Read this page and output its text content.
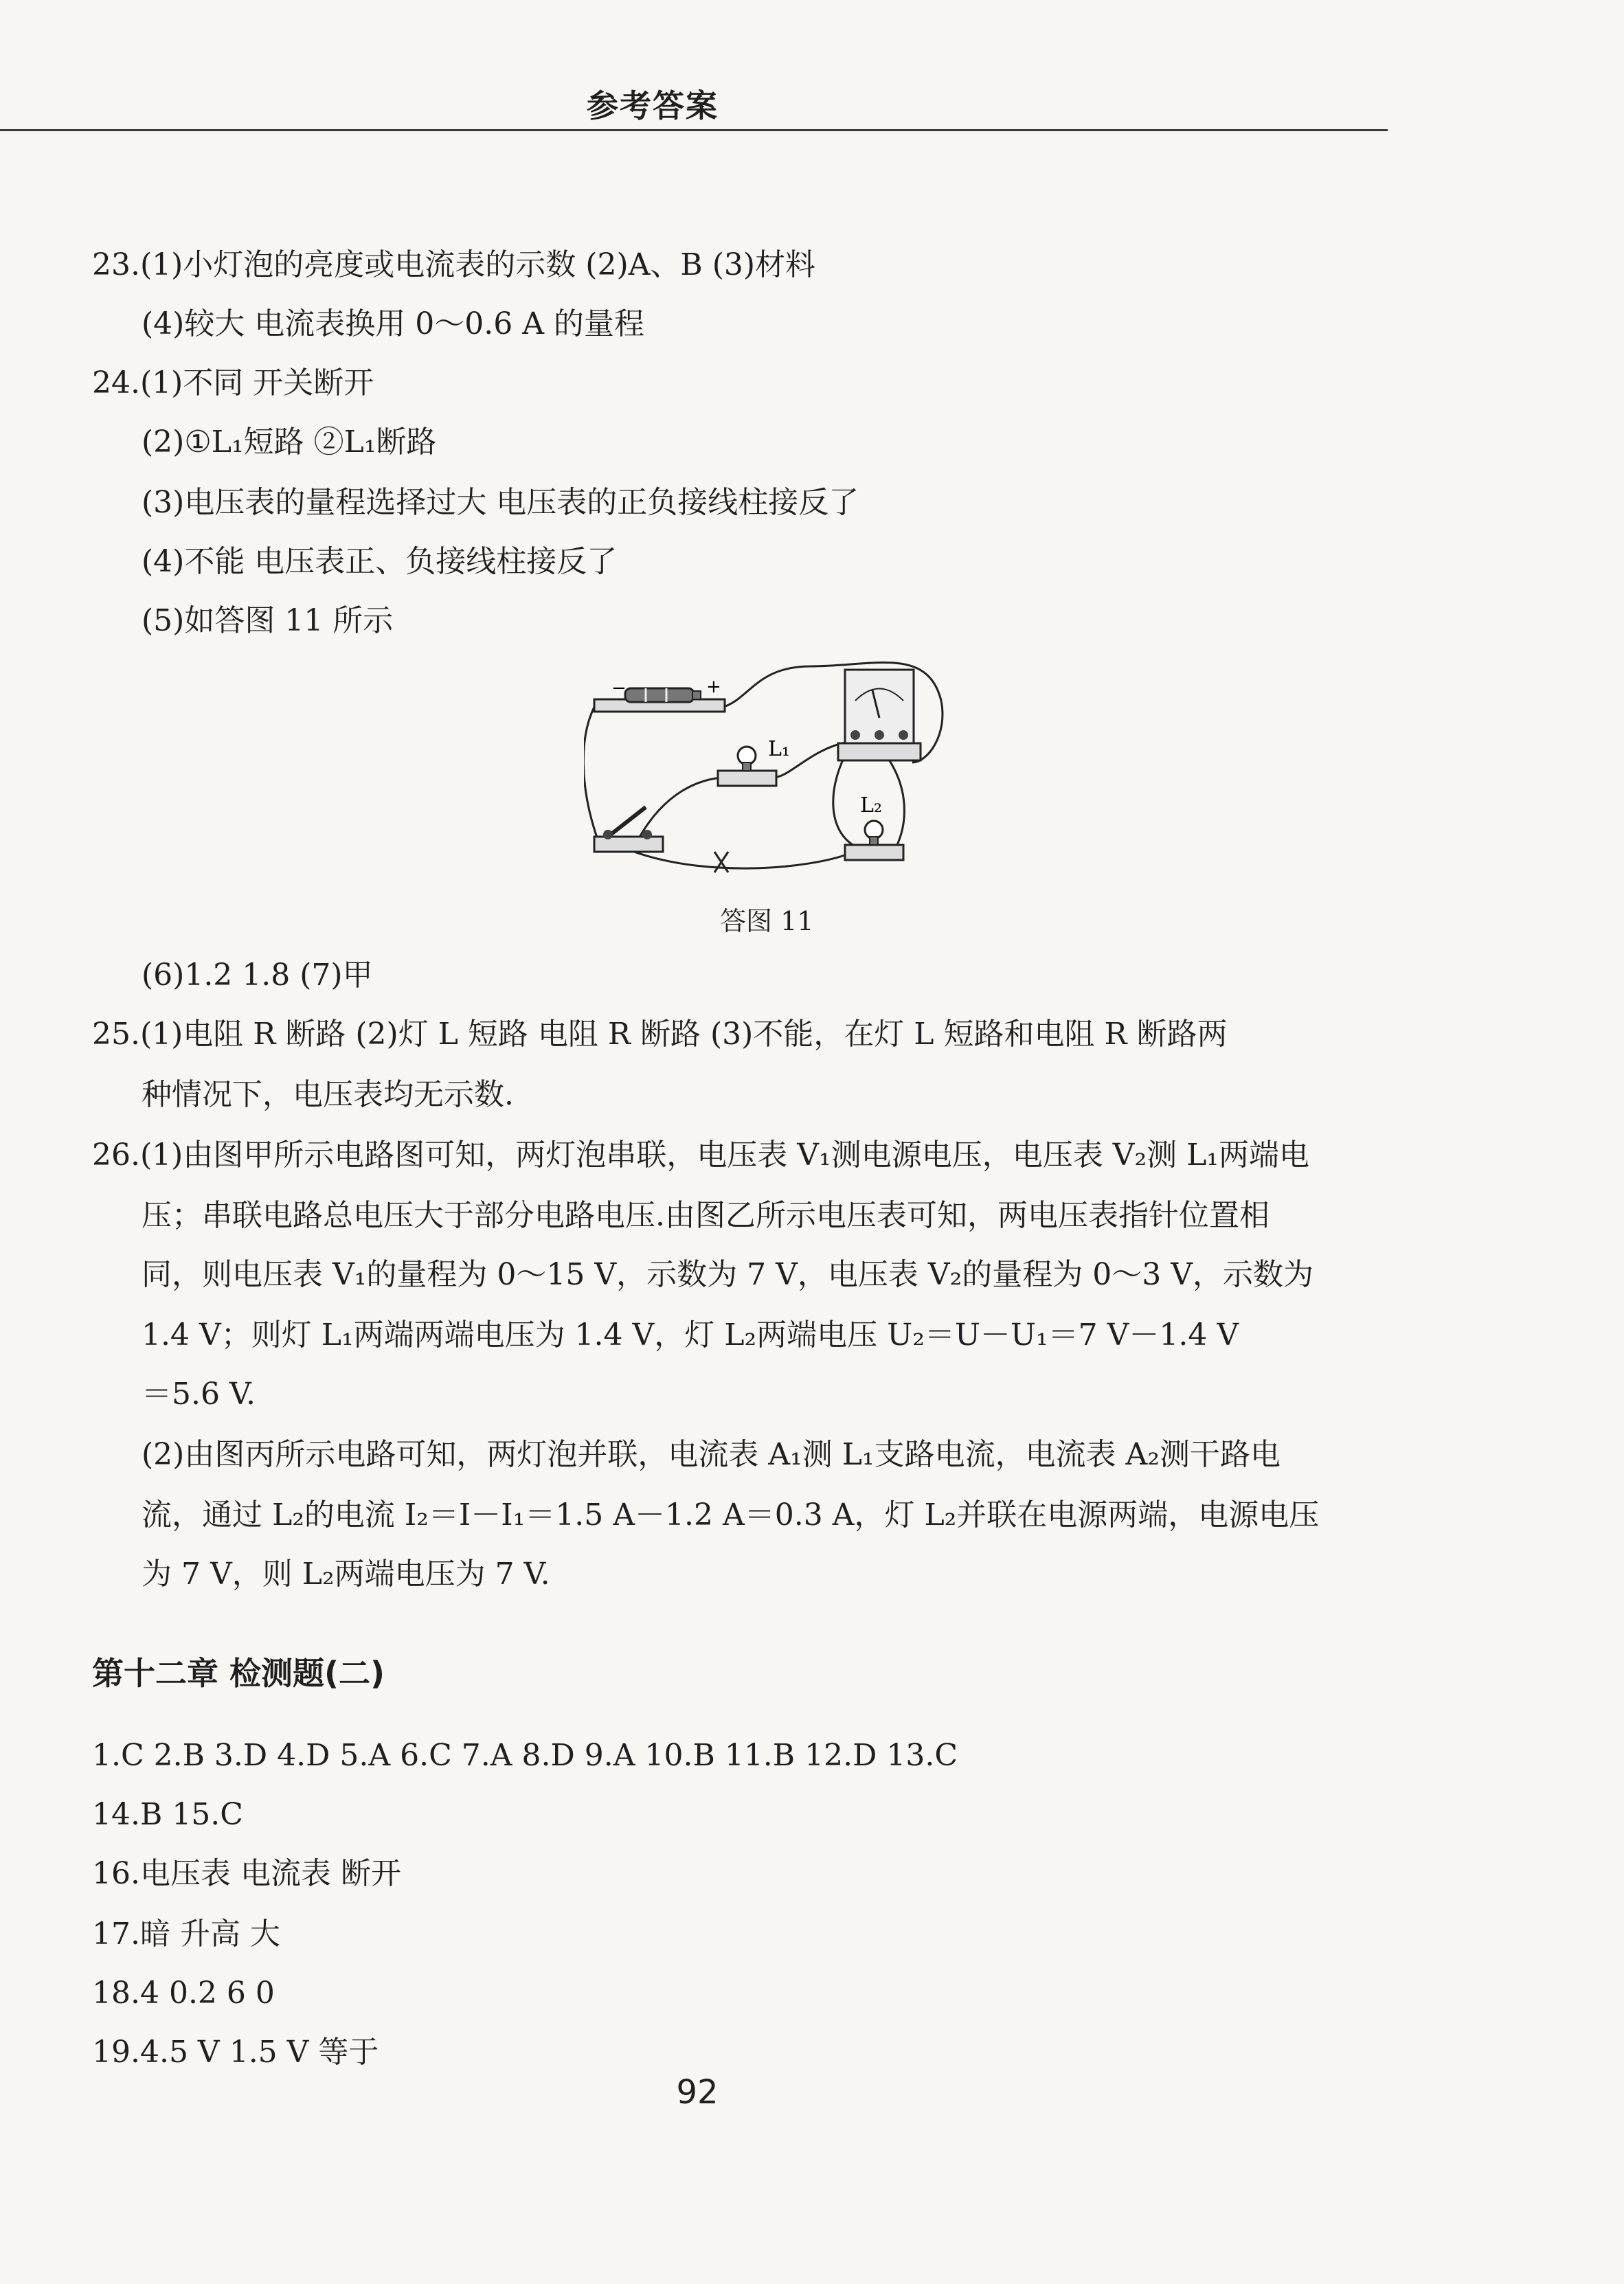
参考答案
23.(1)小灯泡的亮度或电流表的示数 (2)A、B (3)材料
(4)较大 电流表换用 0～0.6 A 的量程
24.(1)不同 开关断开
(2)①L₁短路 ②L₁断路
(3)电压表的量程选择过大 电压表的正负接线柱接反了
(4)不能 电压表正、负接线柱接反了
(5)如答图 11 所示
−	+
L₁
L₂
答图 11
(6)1.2 1.8 (7)甲
25.(1)电阻 R 断路 (2)灯 L 短路 电阻 R 断路 (3)不能，在灯 L 短路和电阻 R 断路两
种情况下，电压表均无示数.
26.(1)由图甲所示电路图可知，两灯泡串联，电压表 V₁测电源电压，电压表 V₂测 L₁两端电
压；串联电路总电压大于部分电路电压.由图乙所示电压表可知，两电压表指针位置相
同，则电压表 V₁的量程为 0～15 V，示数为 7 V，电压表 V₂的量程为 0～3 V，示数为
1.4 V；则灯 L₁两端两端电压为 1.4 V，灯 L₂两端电压 U₂＝U－U₁＝7 V－1.4 V
＝5.6 V.
(2)由图丙所示电路可知，两灯泡并联，电流表 A₁测 L₁支路电流，电流表 A₂测干路电
流，通过 L₂的电流 I₂＝I－I₁＝1.5 A－1.2 A＝0.3 A，灯 L₂并联在电源两端，电源电压
为 7 V，则 L₂两端电压为 7 V.
第十二章 检测题(二)
1.C 2.B 3.D 4.D 5.A 6.C 7.A 8.D 9.A 10.B 11.B 12.D 13.C
14.B 15.C
16.电压表 电流表 断开
17.暗 升高 大
18.4 0.2 6 0
19.4.5 V 1.5 V 等于
92
